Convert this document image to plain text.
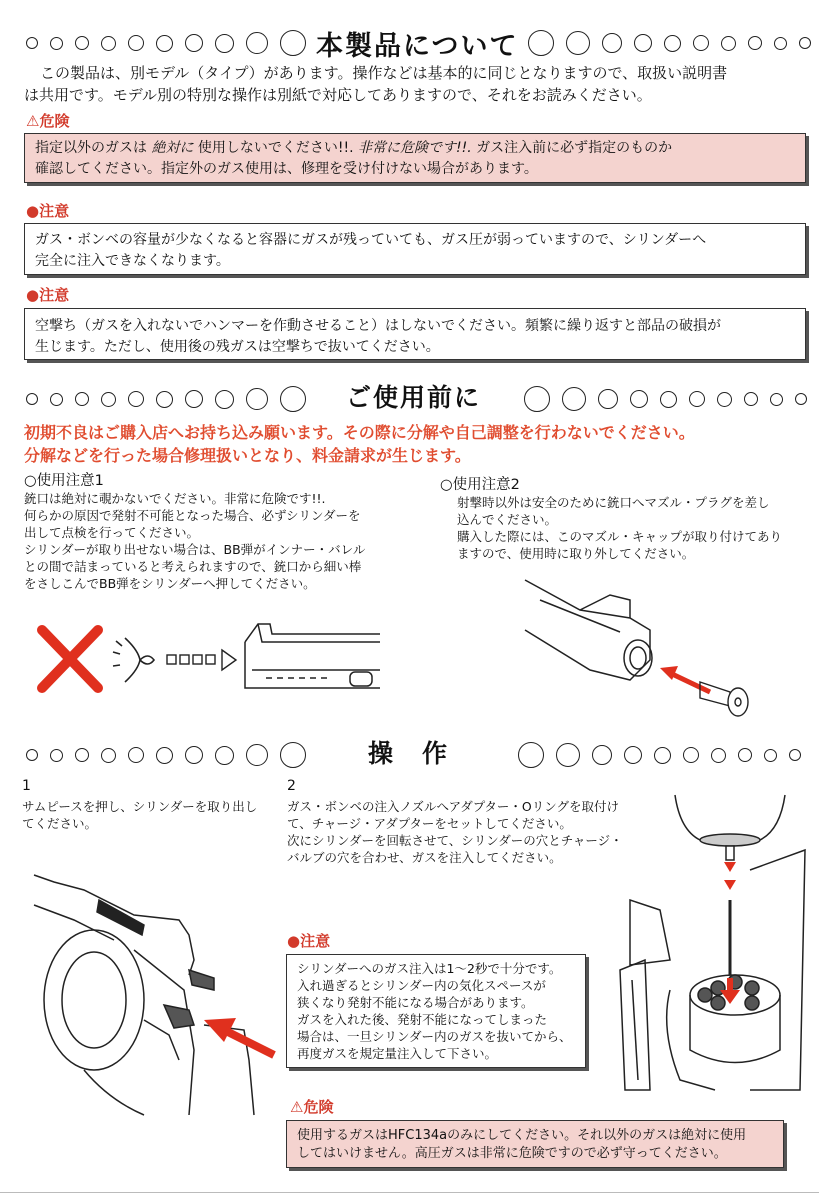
本製品について
この製品は、別モデル（タイプ）があります。操作などは基本的に同じとなりますので、取扱い説明書
は共用です。モデル別の特別な操作は別紙で対応してありますので、それをお読みください。
⚠危険
指定以外のガスは 絶対に 使用しないでください!!. 非常に危険です!!. ガス注入前に必ず指定のものか
確認してください。指定外のガス使用は、修理を受け付けない場合があります。
●注意
ガス・ボンベの容量が少なくなると容器にガスが残っていても、ガス圧が弱っていますので、シリンダーへ
完全に注入できなくなります。
●注意
空撃ち（ガスを入れないでハンマーを作動させること）はしないでください。頻繁に繰り返すと部品の破損が
生じます。ただし、使用後の残ガスは空撃ちで抜いてください。
ご使用前に
初期不良はご購入店へお持ち込み願います。その際に分解や自己調整を行わないでください。
分解などを行った場合修理扱いとなり、料金請求が生じます。
○使用注意1
銃口は絶対に覗かないでください。非常に危険です!!.
何らかの原因で発射不可能となった場合、必ずシリンダーを
出して点検を行ってください。
シリンダーが取り出せない場合は、BB弾がインナー・バレル
との間で詰まっていると考えられますので、銃口から細い棒
をさしこんでBB弾をシリンダーへ押してください。
○使用注意2
射撃時以外は安全のために銃口へマズル・プラグを差し
込んでください。
購入した際には、このマズル・キャップが取り付けてあり
ますので、使用時に取り外してください。
操　作
1
サムピースを押し、シリンダーを取り出し
てください。
2
ガス・ボンベの注入ノズルへアダプター・Oリングを取付け
て、チャージ・アダプターをセットしてください。
次にシリンダーを回転させて、シリンダーの穴とチャージ・
バルブの穴を合わせ、ガスを注入してください。
●注意
シリンダーへのガス注入は1～2秒で十分です。
入れ過ぎるとシリンダー内の気化スペースが
狭くなり発射不能になる場合があります。
ガスを入れた後、発射不能になってしまった
場合は、一旦シリンダー内のガスを抜いてから、
再度ガスを規定量注入して下さい。
⚠危険
使用するガスはHFC134aのみにしてください。それ以外のガスは絶対に使用
してはいけません。高圧ガスは非常に危険ですので必ず守ってください。
